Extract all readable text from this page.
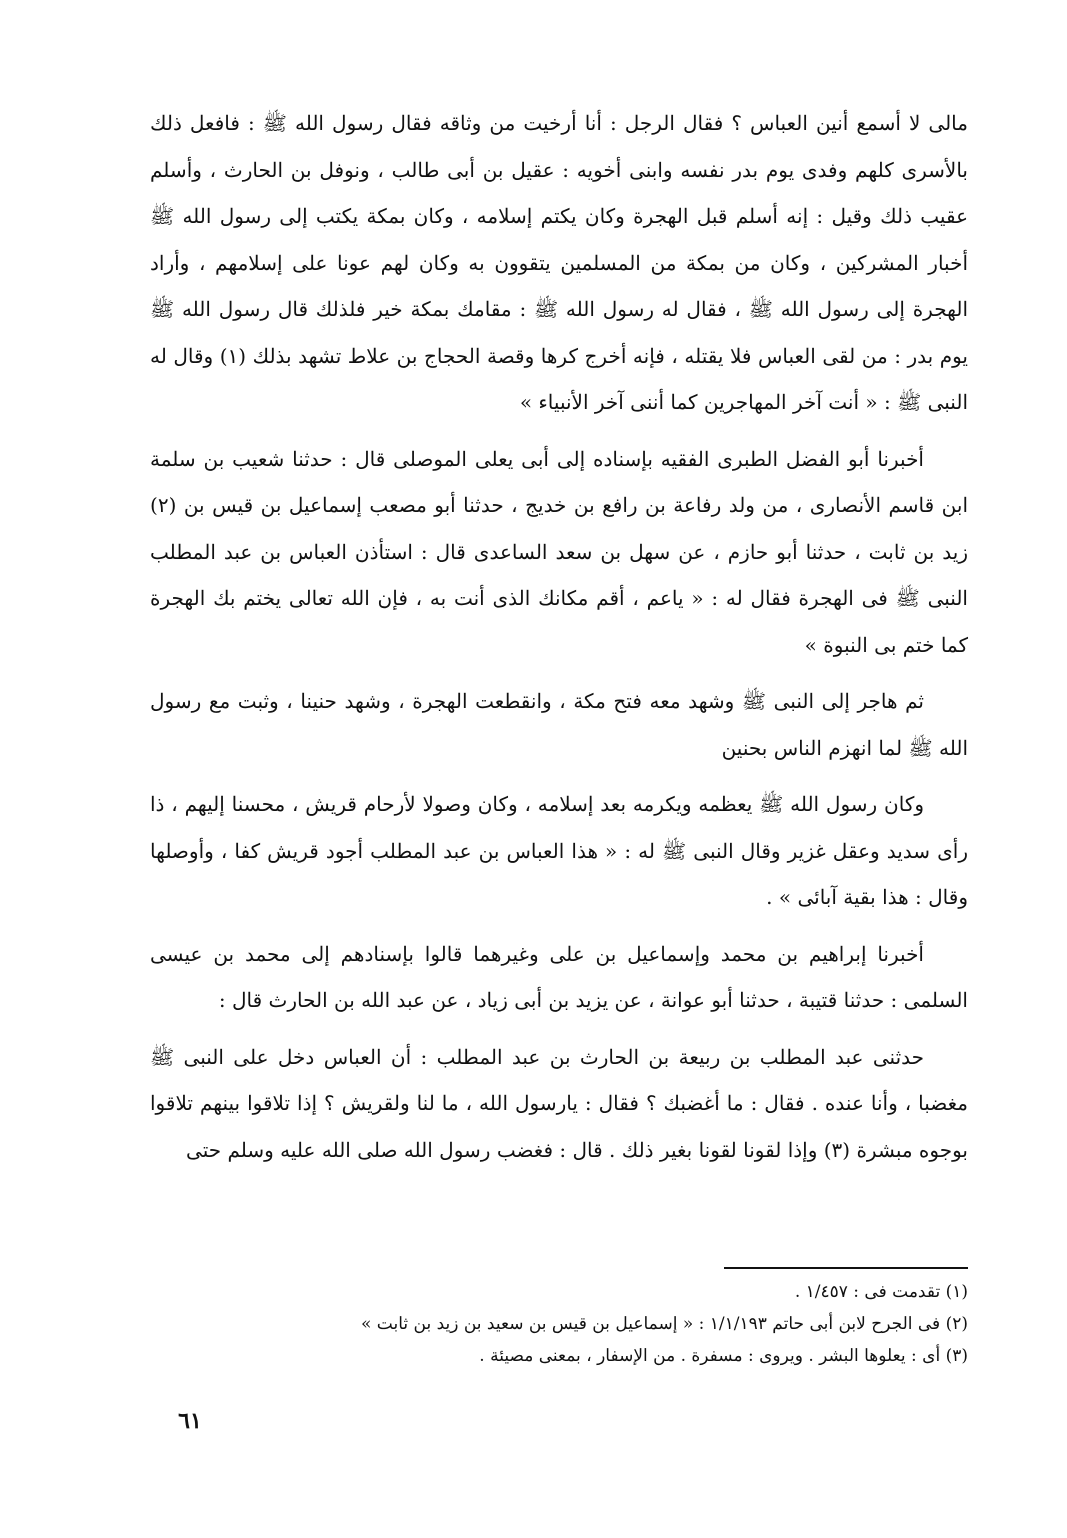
مالى لا أسمع أنين العباس ؟ فقال الرجل : أنا أرخيت من وثاقه فقال رسول الله ﷺ : فافعل ذلك بالأسرى كلهم وفدى يوم بدر نفسه وابنى أخويه : عقيل بن أبى طالب ، ونوفل بن الحارث ، وأسلم عقيب ذلك وقيل : إنه أسلم قبل الهجرة وكان يكتم إسلامه ، وكان بمكة يكتب إلى رسول الله ﷺ أخبار المشركين ، وكان من بمكة من المسلمين يتقوون به وكان لهم عونا على إسلامهم ، وأراد الهجرة إلى رسول الله ﷺ ، فقال له رسول الله ﷺ : مقامك بمكة خير فلذلك قال رسول الله ﷺ يوم بدر : من لقى العباس فلا يقتله ، فإنه أخرج كرها وقصة الحجاج بن علاط تشهد بذلك (١) وقال له النبى ﷺ : « أنت آخر المهاجرين كما أننى آخر الأنبياء »

أخبرنا أبو الفضل الطبرى الفقيه بإسناده إلى أبى يعلى الموصلى قال : حدثنا شعيب بن سلمة ابن قاسم الأنصارى ، من ولد رفاعة بن رافع بن خديج ، حدثنا أبو مصعب إسماعيل بن قيس بن (٢) زيد بن ثابت ، حدثنا أبو حازم ، عن سهل بن سعد الساعدى قال : استأذن العباس بن عبد المطلب النبى ﷺ فى الهجرة فقال له : « ياعم ، أقم مكانك الذى أنت به ، فإن الله تعالى يختم بك الهجرة كما ختم بى النبوة »

ثم هاجر إلى النبى ﷺ وشهد معه فتح مكة ، وانقطعت الهجرة ، وشهد حنينا ، وثبت مع رسول الله ﷺ لما انهزم الناس بحنين

وكان رسول الله ﷺ يعظمه ويكرمه بعد إسلامه ، وكان وصولا لأرحام قريش ، محسنا إليهم ، ذا رأى سديد وعقل غزير وقال النبى ﷺ له : « هذا العباس بن عبد المطلب أجود قريش كفا ، وأوصلها وقال : هذا بقية آبائى » .

أخبرنا إبراهيم بن محمد وإسماعيل بن على وغيرهما قالوا بإسنادهم إلى محمد بن عيسى السلمى : حدثنا قتيبة ، حدثنا أبو عوانة ، عن يزيد بن أبى زياد ، عن عبد الله بن الحارث قال :

حدثنى عبد المطلب بن ربيعة بن الحارث بن عبد المطلب : أن العباس دخل على النبى ﷺ مغضبا ، وأنا عنده . فقال : ما أغضبك ؟ فقال : يارسول الله ، ما لنا ولقريش ؟ إذا تلاقوا بينهم تلاقوا بوجوه مبشرة (٣) وإذا لقونا لقونا بغير ذلك . قال : فغضب رسول الله صلى الله عليه وسلم حتى

(١) تقدمت فى : ١/٤٥٧ .

(٢) فى الجرح لابن أبى حاتم ١/١/١٩٣ : « إسماعيل بن قيس بن سعيد بن زيد بن ثابت »

(٣) أى : يعلوها البشر . ويروى : مسفرة . من الإسفار ، بمعنى مصيئة .

٦١
